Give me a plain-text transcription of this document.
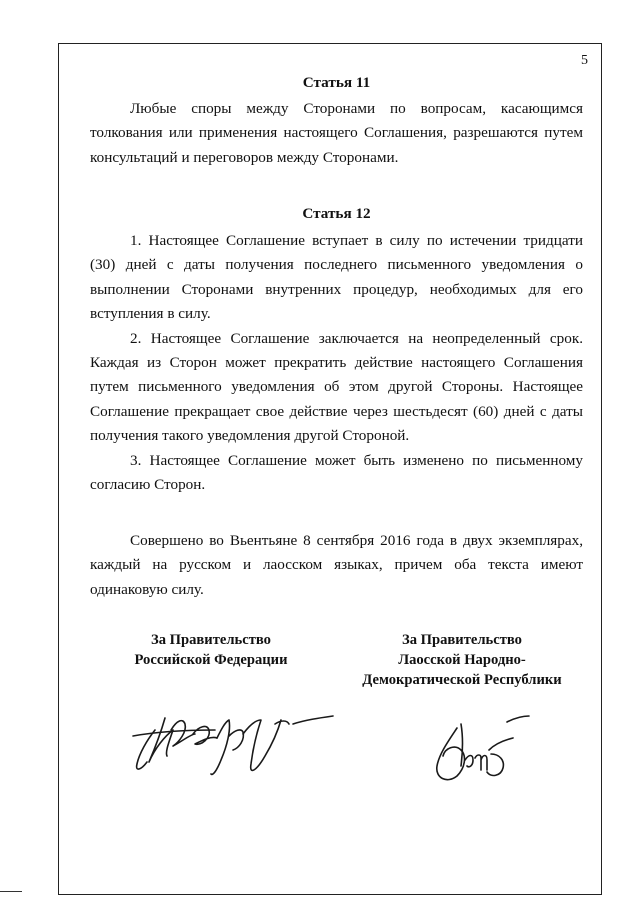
5
Статья 11

Любые споры между Сторонами по вопросам, касающимся толкования или применения настоящего Соглашения, разрешаются путем консультаций и переговоров между Сторонами.

Статья 12

1. Настоящее Соглашение вступает в силу по истечении тридцати (30) дней с даты получения последнего письменного уведомления о выполнении Сторонами внутренних процедур, необходимых для его вступления в силу.

2. Настоящее Соглашение заключается на неопределенный срок. Каждая из Сторон может прекратить действие настоящего Соглашения путем письменного уведомления об этом другой Стороны. Настоящее Соглашение прекращает свое действие через шестьдесят (60) дней с даты получения такого уведомления другой Стороной.

3. Настоящее Соглашение может быть изменено по письменному согласию Сторон.

Совершено во Вьентьяне 8 сентября 2016 года в двух экземплярах, каждый на русском и лаосском языках, причем оба текста имеют одинаковую силу.

За Правительство
Российской Федерации
За Правительство
Лаосской Народно-
Демократической Республики
